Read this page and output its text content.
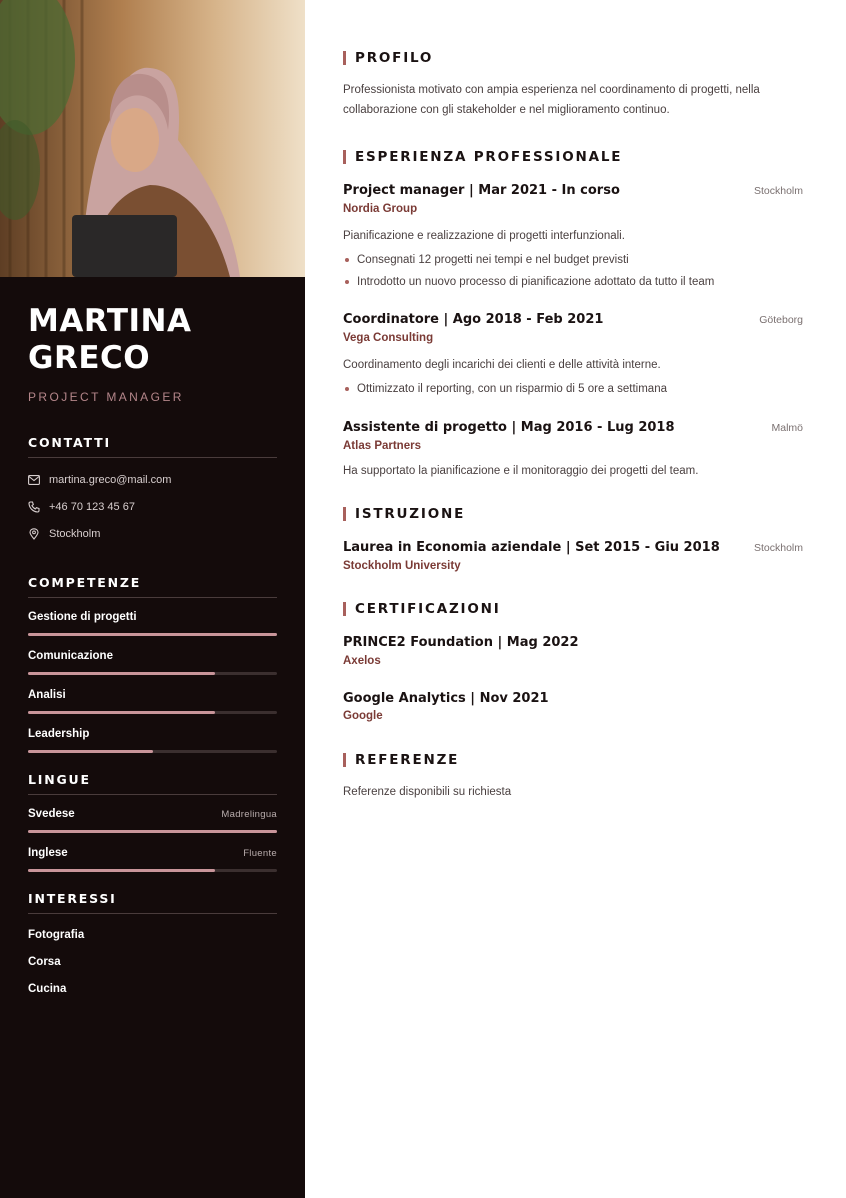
MARTINA
GRECO
PROJECT MANAGER
CONTATTI
martina.greco@mail.com
+46 70 123 45 67
Stockholm
COMPETENZE
Gestione di progetti
Comunicazione
Analisi
Leadership
LINGUE
Svedese	Madrelingua
Inglese	Fluente
INTERESSI
Fotografia
Corsa
Cucina
PROFILO
Professionista motivato con ampia esperienza nel coordinamento di progetti, nella collaborazione con gli stakeholder e nel miglioramento continuo.
ESPERIENZA PROFESSIONALE
Project manager | Mar 2021 - In corso	Stockholm
Nordia Group
Pianificazione e realizzazione di progetti interfunzionali.
Consegnati 12 progetti nei tempi e nel budget previsti
Introdotto un nuovo processo di pianificazione adottato da tutto il team
Coordinatore | Ago 2018 - Feb 2021	Göteborg
Vega Consulting
Coordinamento degli incarichi dei clienti e delle attività interne.
Ottimizzato il reporting, con un risparmio di 5 ore a settimana
Assistente di progetto | Mag 2016 - Lug 2018	Malmö
Atlas Partners
Ha supportato la pianificazione e il monitoraggio dei progetti del team.
ISTRUZIONE
Laurea in Economia aziendale | Set 2015 - Giu 2018	Stockholm
Stockholm University
CERTIFICAZIONI
PRINCE2 Foundation | Mag 2022
Axelos
Google Analytics | Nov 2021
Google
REFERENZE
Referenze disponibili su richiesta
